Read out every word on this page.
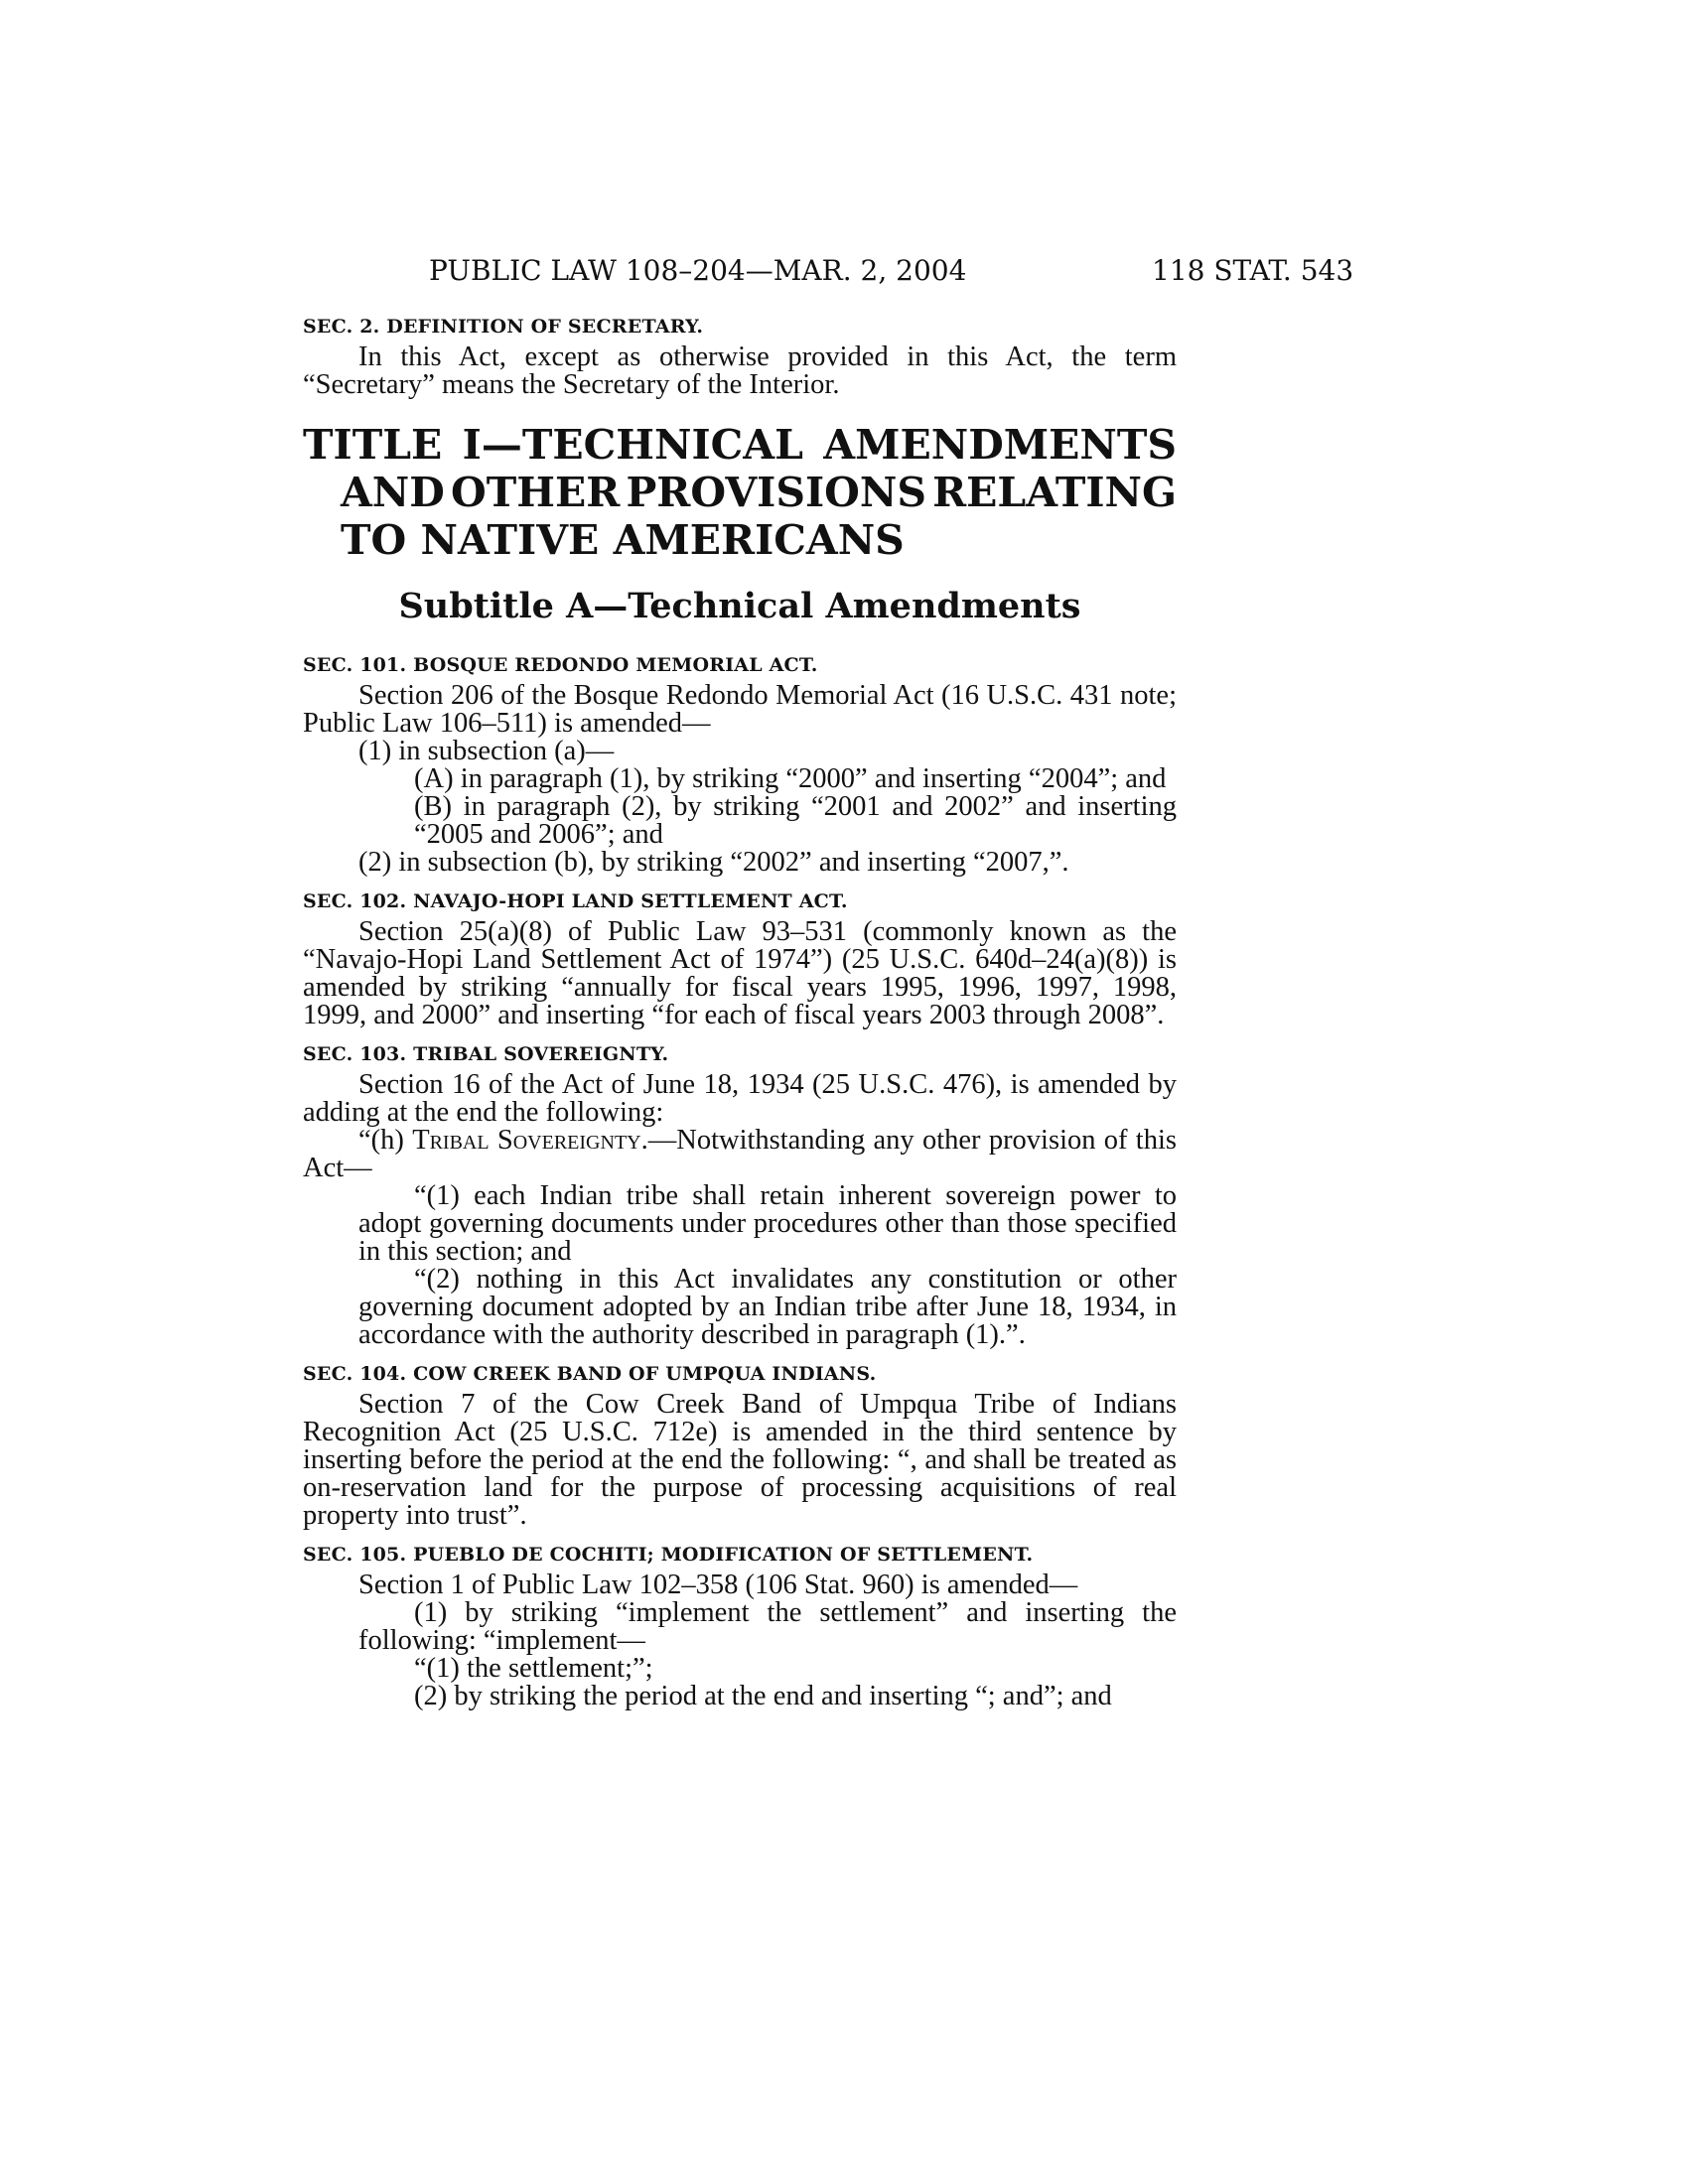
PUBLIC LAW 108–204—MAR. 2, 2004	118 STAT. 543
SEC. 2. DEFINITION OF SECRETARY.

In this Act, except as otherwise provided in this Act, the term “Secretary” means the Secretary of the Interior.

TITLE I—TECHNICAL AMENDMENTS
AND OTHER PROVISIONS RELATING
TO NATIVE AMERICANS
Subtitle A—Technical Amendments
SEC. 101. BOSQUE REDONDO MEMORIAL ACT.

Section 206 of the Bosque Redondo Memorial Act (16 U.S.C. 431 note; Public Law 106–511) is amended—

(1) in subsection (a)—

(A) in paragraph (1), by striking “2000” and inserting “2004”; and

(B) in paragraph (2), by striking “2001 and 2002” and inserting “2005 and 2006”; and

(2) in subsection (b), by striking “2002” and inserting “2007,”.

SEC. 102. NAVAJO-HOPI LAND SETTLEMENT ACT.

Section 25(a)(8) of Public Law 93–531 (commonly known as the “Navajo-Hopi Land Settlement Act of 1974”) (25 U.S.C. 640d–24(a)(8)) is amended by striking “annually for fiscal years 1995, 1996, 1997, 1998, 1999, and 2000” and inserting “for each of fiscal years 2003 through 2008”.

SEC. 103. TRIBAL SOVEREIGNTY.

Section 16 of the Act of June 18, 1934 (25 U.S.C. 476), is amended by adding at the end the following:

“(h) Tribal Sovereignty.—Notwithstanding any other provision of this Act—

“(1) each Indian tribe shall retain inherent sovereign power to adopt governing documents under procedures other than those specified in this section; and

“(2) nothing in this Act invalidates any constitution or other governing document adopted by an Indian tribe after June 18, 1934, in accordance with the authority described in paragraph (1).”.

SEC. 104. COW CREEK BAND OF UMPQUA INDIANS.

Section 7 of the Cow Creek Band of Umpqua Tribe of Indians Recognition Act (25 U.S.C. 712e) is amended in the third sentence by inserting before the period at the end the following: “, and shall be treated as on-reservation land for the purpose of processing acquisitions of real property into trust”.

SEC. 105. PUEBLO DE COCHITI; MODIFICATION OF SETTLEMENT.

Section 1 of Public Law 102–358 (106 Stat. 960) is amended—

(1) by striking “implement the settlement” and inserting the following: “implement—

“(1) the settlement;”;

(2) by striking the period at the end and inserting “; and”; and
